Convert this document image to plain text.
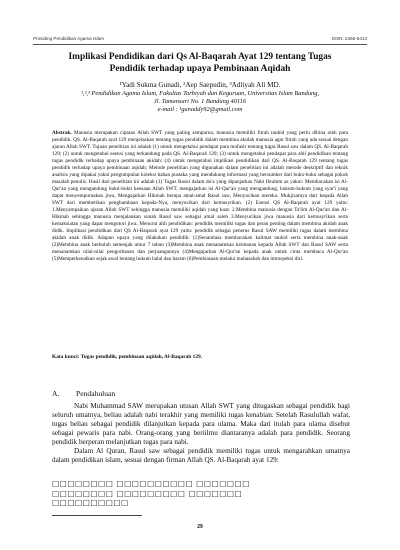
Prosiding Pendidikan Agama Islam	ISSN: 2460-6413
Implikasi Pendidikan dari Qs Al-Baqarah Ayat 129 tentang Tugas
Pendidik terhadap upaya Pembinaan Aqidah
¹Yadi Sukma Gunadi, ²Aep Saepudin, ³Adliyah Ali MD.
¹,²,³ Pendidikan Agama Islam, Fakultas Tarbiyah dan Keguruan, Universitas Islam Bandung,
Jl. Tamansari No. 1 Bandung 40116
e-mail : ¹gunaddy92@gmail.com
Abstrak. Manusia merupakan ciptaan Allah SWT yang paling sempurna, manusia memiliki fitrah tauhid yang perlu dibina oleh para pendidik. QS. Al-Baqarah ayat 129 menjelaskan tentang tugas pendidik dalam membina akidah manusia agar fitrah yang ada sesuai dengan ajaran Allah SWT. Tujuan penelitian ini adalah (1) untuk mengetahui pendapat para mufasir tentang tugas Rasul saw dalam QS. Al-Baqarah 129; (2) untuk mengetahui esensi yang terkandung pada QS. Al-Baqarah 129; (3) untuk mengetahui pendapat para ahli pendidikan tentang tugas pendidik terhadap upaya pembinaan akidah; (4) untuk mengetahui implikasi pendidikan dari QS. Al-Baqarah 129 tentang tugas pendidik terhadap upaya pembinaan aqidah; Metode penelitian yang digunakan dalam penelitian ini adalah metode deskriptif dan teknik analisis yang dipakai yakni pengumpulan koleksi bahan pustaka yang mendukung informasi yang bersumber dari buku-buku sebagai pokok masalah penulis. Hasil dari penelitian ini adalah (1) Tugas Rasul dalam do'a yang dipanjatkan Nabi Ibrahim as yakni: Membacakan isi Al-Qur'an yang mengandung bukti-bukti keesaan Allah SWT, mengajarkan isi Al-Qur'an yang mengandung, hukum-hukum yang syar'i yang dapat menyempurnakan jiwa, Mengajarkan Hikmah berupa amal-amal Rasul saw, Menyucikan mereka. Mukjizatnya dari kepada Allah SWT dari memberikan penghambaan kepada-Nya, menyucikan dari kemusyrikan. (2) Esensi QS Al-Baqarah ayat 129 yaitu: 1.Menyampaikan ajaran Allah SWT sehingga manusia memiliki aqidah yang kuat. 2.Membina manusia dengan Ta'lim Al-Qur'an dan Al-Hikmah sehingga manusia menjalankan sunah Rasul saw sebagai amal saleh 3.Menyucikan jiwa manusia dari kemusyrikan serta kemaksiatan yang dapat mengotori jiwa. Menurut ahli pendidikan: pendidik memiliki tugas dan peran penting dalam membina akidah anak didik. Implikasi pendidikan dari QS Al-Baqarah ayat 129 yaitu: pendidik sebagai penerus Rasul SAW memiliki tugas dalam membina akidah anak didik. Adapun upaya yang dilakukan pendidik: (1)Senantiasa membacakan kalimat tauhid serta membina anak-anak (2)Membina anak berbuluh semenjak umur 7 tahun (3)Membina anak menanamkan keimanan kepada Allah SWT dan Rasul SAW serta menanamkan nilai-nilai pengorbanan dan perjuangannya (4)Mengajarkan Al-Qur'an kepada anak untuk cinta membaca Al-Qur'an (5)Memperkenalkan sejak awal tentang hukum halal dan haram (6)Pembiasaan melalui muhasabah dan introspeksi diri.
Kata kunci: Tugas pendidik, pembinaan aqidah, Al-Baqarah 129.
A. Pendahuluan

Nabi Muhammad SAW merupakan utusan Allah SWT yang ditugaskan sebagai pendidik bagi seluruh umatnya, beliau adalah nabi terakhir yang memiliki tugas kenabian. Setelah Rasulullah wafat, tugas beliau sebagai pendidik dilanjutkan kepada para ulama. Maka dari itulah para ulama disebut sebagai pewaris para nabi. Orang-orang yang beriilmu diantaranya adalah para pendidik. Seorang pendidik berperan melanjutkan tugas para nabi.

Dalam Al Quran, Rasul saw sebagai pendidik memiliki tugas untuk mengarahkan umatnya dalam pendidikan islam, sesuai dengan firman Allah QS. Al-Baqarah ayat 129:

☐☐☐☐☐☐☐☐ ☐☐☐☐☐☐☐☐☐☐ ☐☐☐☐☐☐☐
☐☐☐☐☐☐☐☐ ☐☐☐☐☐☐☐☐☐ ☐☐☐☐☐☐☐
☐☐☐☐☐☐☐☐☐☐
29
